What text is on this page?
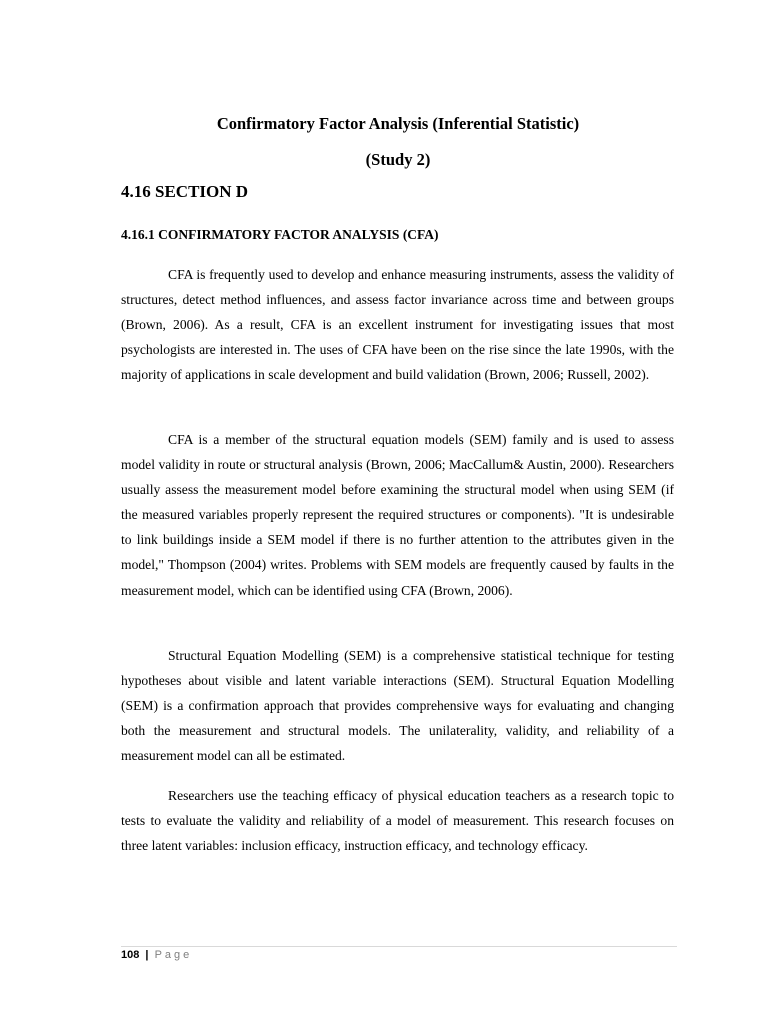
Confirmatory Factor Analysis (Inferential Statistic)
(Study 2)
4.16 SECTION D
4.16.1 CONFIRMATORY FACTOR ANALYSIS (CFA)

CFA is frequently used to develop and enhance measuring instruments, assess the validity of structures, detect method influences, and assess factor invariance across time and between groups (Brown, 2006). As a result, CFA is an excellent instrument for investigating issues that most psychologists are interested in. The uses of CFA have been on the rise since the late 1990s, with the majority of applications in scale development and build validation (Brown, 2006; Russell, 2002).

CFA is a member of the structural equation models (SEM) family and is used to assess model validity in route or structural analysis (Brown, 2006; MacCallum& Austin, 2000). Researchers usually assess the measurement model before examining the structural model when using SEM (if the measured variables properly represent the required structures or components). "It is undesirable to link buildings inside a SEM model if there is no further attention to the attributes given in the model," Thompson (2004) writes. Problems with SEM models are frequently caused by faults in the measurement model, which can be identified using CFA (Brown, 2006).

Structural Equation Modelling (SEM) is a comprehensive statistical technique for testing hypotheses about visible and latent variable interactions (SEM). Structural Equation Modelling (SEM) is a confirmation approach that provides comprehensive ways for evaluating and changing both the measurement and structural models. The unilaterality, validity, and reliability of a measurement model can all be estimated.

Researchers use the teaching efficacy of physical education teachers as a research topic to tests to evaluate the validity and reliability of a model of measurement. This research focuses on three latent variables: inclusion efficacy, instruction efficacy, and technology efficacy.

108 | Page
